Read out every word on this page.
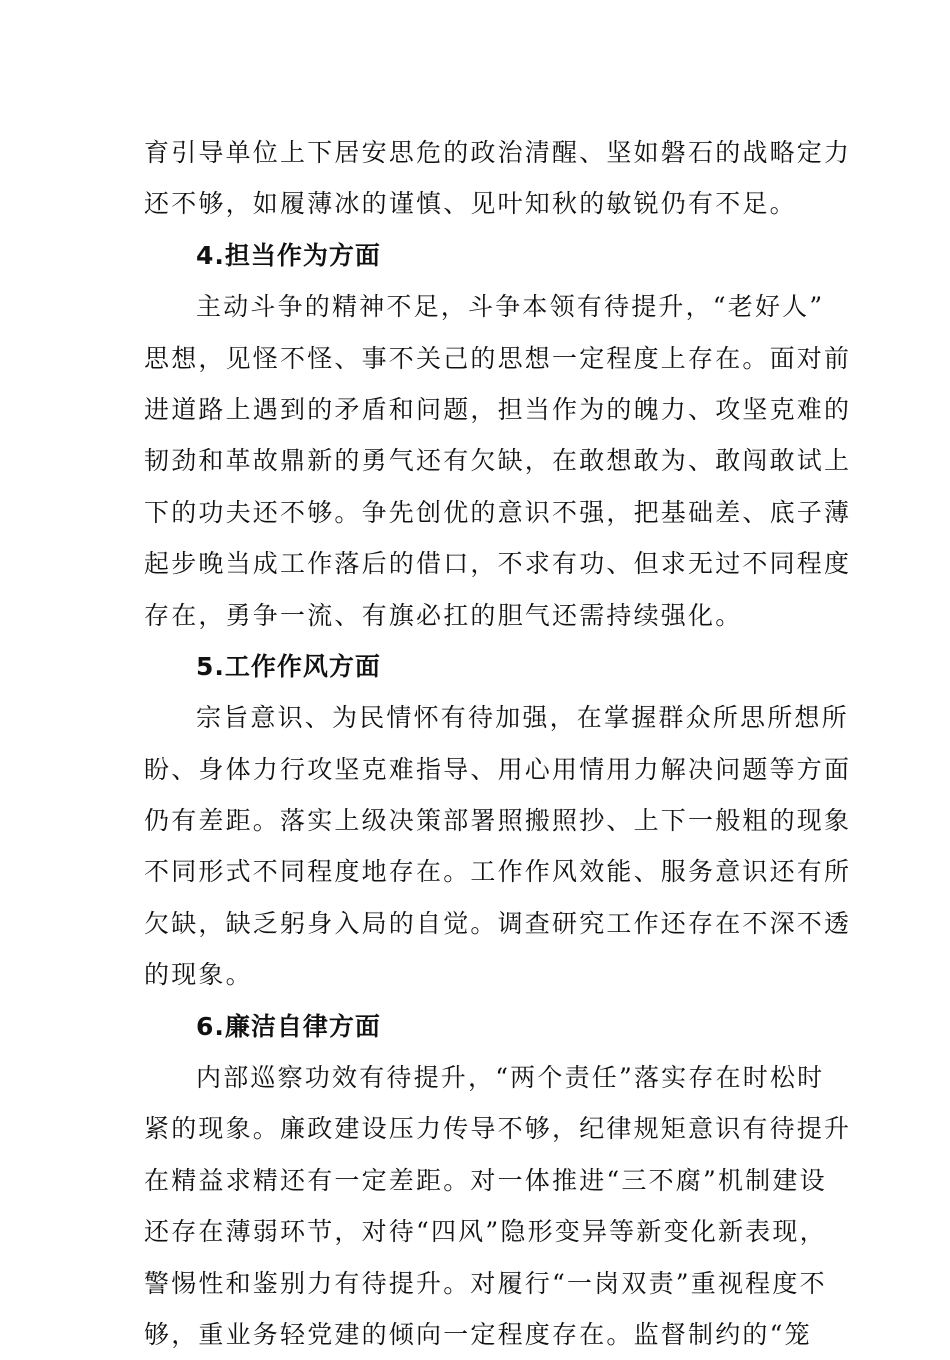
育引导单位上下居安思危的政治清醒、坚如磐石的战略定力
还不够，如履薄冰的谨慎、见叶知秋的敏锐仍有不足。
4.担当作为方面
主动斗争的精神不足，斗争本领有待提升，“老好人”
思想，见怪不怪、事不关己的思想一定程度上存在。面对前
进道路上遇到的矛盾和问题，担当作为的魄力、攻坚克难的
韧劲和革故鼎新的勇气还有欠缺，在敢想敢为、敢闯敢试上
下的功夫还不够。争先创优的意识不强，把基础差、底子薄
起步晚当成工作落后的借口，不求有功、但求无过不同程度
存在，勇争一流、有旗必扛的胆气还需持续强化。
5.工作作风方面
宗旨意识、为民情怀有待加强，在掌握群众所思所想所
盼、身体力行攻坚克难指导、用心用情用力解决问题等方面
仍有差距。落实上级决策部署照搬照抄、上下一般粗的现象
不同形式不同程度地存在。工作作风效能、服务意识还有所
欠缺，缺乏躬身入局的自觉。调查研究工作还存在不深不透
的现象。
6.廉洁自律方面
内部巡察功效有待提升，“两个责任”落实存在时松时
紧的现象。廉政建设压力传导不够，纪律规矩意识有待提升
在精益求精还有一定差距。对一体推进“三不腐”机制建设
还存在薄弱环节，对待“四风”隐形变异等新变化新表现，
警惕性和鉴别力有待提升。对履行“一岗双责”重视程度不
够，重业务轻党建的倾向一定程度存在。监督制约的“笼
